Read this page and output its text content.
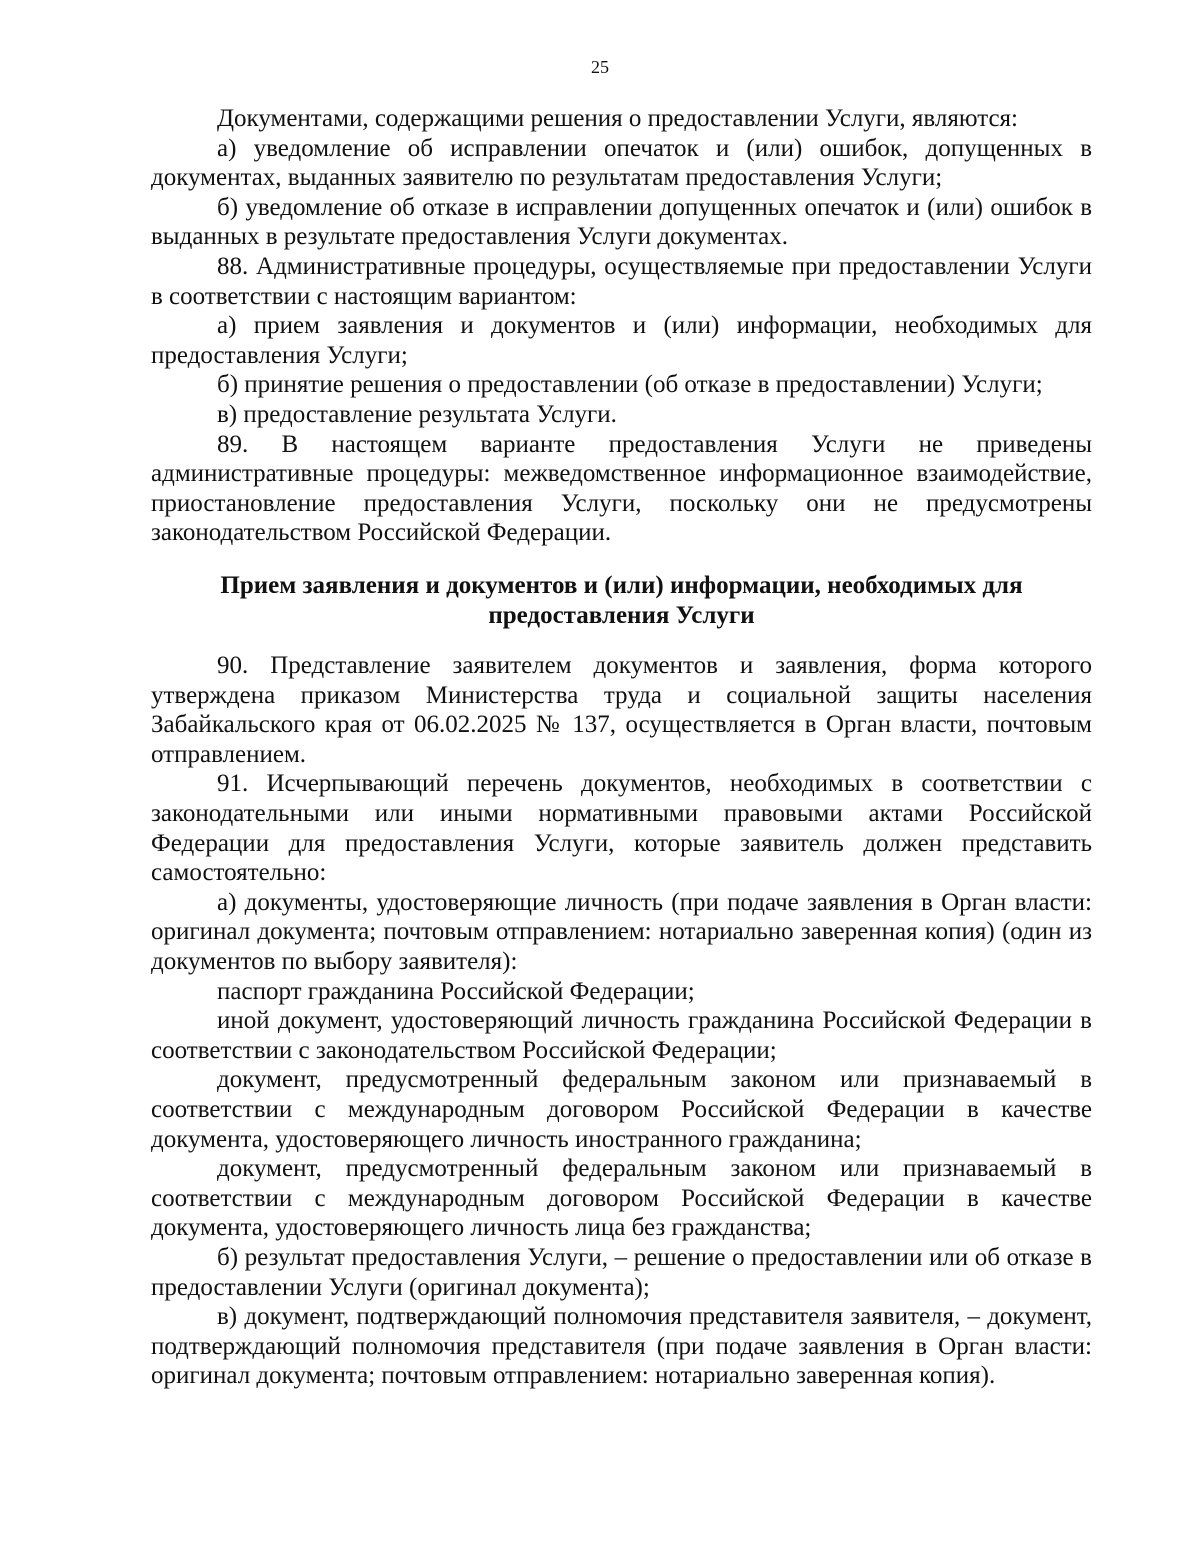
25

Документами, содержащими решения о предоставлении Услуги, являются:

а) уведомление об исправлении опечаток и (или) ошибок, допущенных в документах, выданных заявителю по результатам предоставления Услуги;

б) уведомление об отказе в исправлении допущенных опечаток и (или) ошибок в выданных в результате предоставления Услуги документах.

88. Административные процедуры, осуществляемые при предоставлении Услуги в соответствии с настоящим вариантом:

а) прием заявления и документов и (или) информации, необходимых для предоставления Услуги;

б) принятие решения о предоставлении (об отказе в предоставлении) Услуги;

в) предоставление результата Услуги.

89. В настоящем варианте предоставления Услуги не приведены административные процедуры: межведомственное информационное взаимодействие, приостановление предоставления Услуги, поскольку они не предусмотрены законодательством Российской Федерации.

Прием заявления и документов и (или) информации, необходимых для предоставления Услуги

90. Представление заявителем документов и заявления, форма которого утверждена приказом Министерства труда и социальной защиты населения Забайкальского края от 06.02.2025 № 137, осуществляется в Орган власти, почтовым отправлением.

91. Исчерпывающий перечень документов, необходимых в соответствии с законодательными или иными нормативными правовыми актами Российской Федерации для предоставления Услуги, которые заявитель должен представить самостоятельно:

а) документы, удостоверяющие личность (при подаче заявления в Орган власти: оригинал документа; почтовым отправлением: нотариально заверенная копия) (один из документов по выбору заявителя):

паспорт гражданина Российской Федерации;

иной документ, удостоверяющий личность гражданина Российской Федерации в соответствии с законодательством Российской Федерации;

документ, предусмотренный федеральным законом или признаваемый в соответствии с международным договором Российской Федерации в качестве документа, удостоверяющего личность иностранного гражданина;

документ, предусмотренный федеральным законом или признаваемый в соответствии с международным договором Российской Федерации в качестве документа, удостоверяющего личность лица без гражданства;

б) результат предоставления Услуги, – решение о предоставлении или об отказе в предоставлении Услуги (оригинал документа);

в) документ, подтверждающий полномочия представителя заявителя, – документ, подтверждающий полномочия представителя (при подаче заявления в Орган власти: оригинал документа; почтовым отправлением: нотариально заверенная копия).
